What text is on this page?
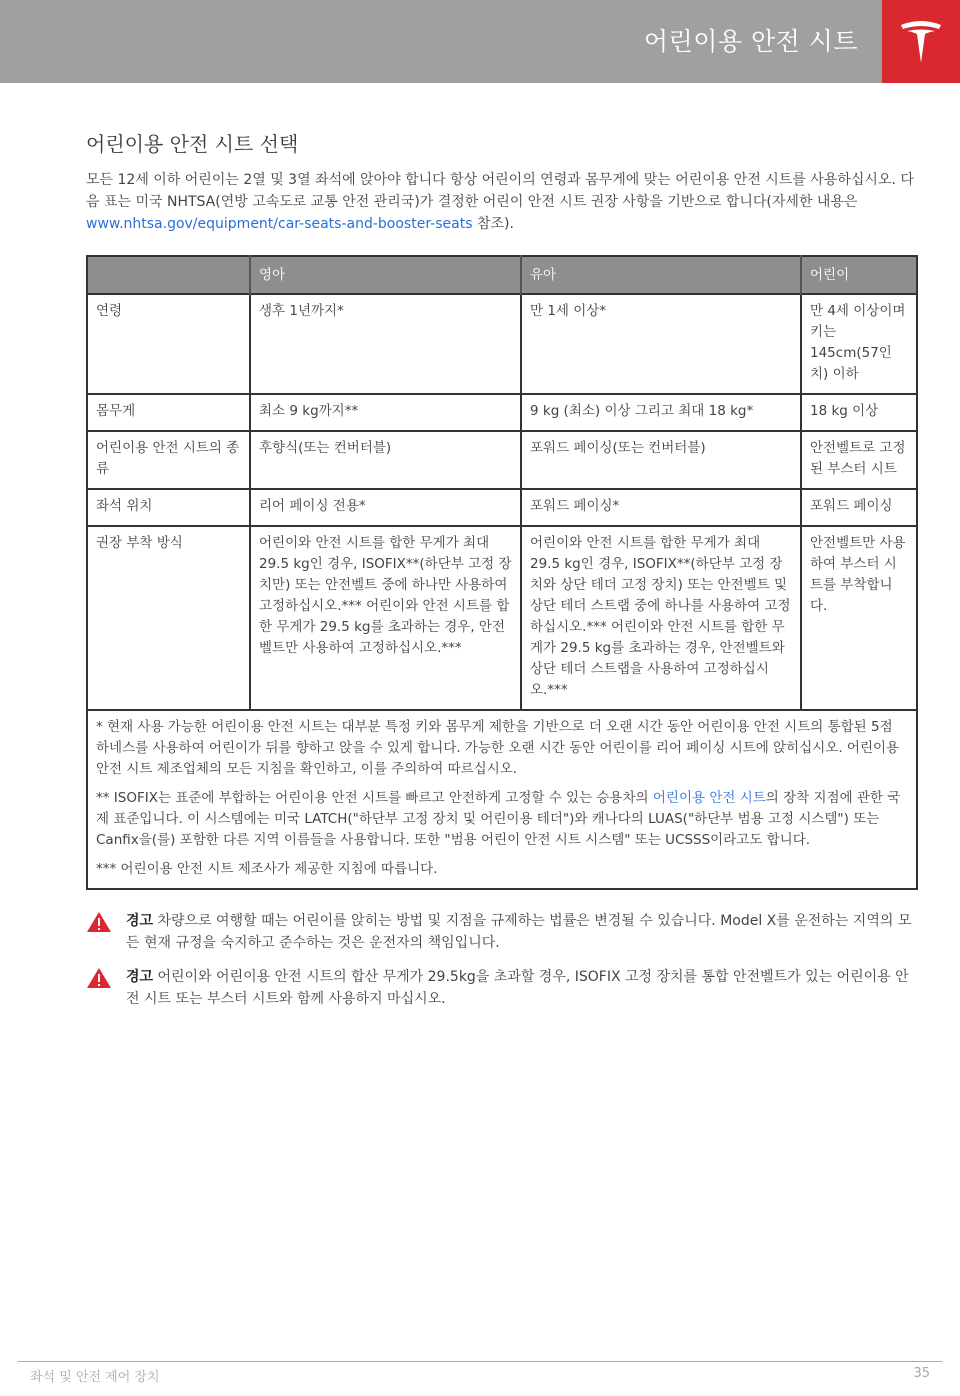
어린이용 안전 시트
어린이용 안전 시트 선택

모든 12세 이하 어린이는 2열 및 3열 좌석에 앉아야 합니다 항상 어린이의 연령과 몸무게에 맞는 어린이용 안전 시트를 사용하십시오. 다음 표는 미국 NHTSA(연방 고속도로 교통 안전 관리국)가 결정한 어린이 안전 시트 권장 사항을 기반으로 합니다(자세한 내용은 www.nhtsa.gov/equipment/car-seats-and-booster-seats 참조).

	영아	유아	어린이
연령	생후 1년까지*	만 1세 이상*	만 4세 이상이며 키는 145cm(57인치) 이하
몸무게	최소 9 kg까지**	9 kg (최소) 이상 그리고 최대 18 kg*	18 kg 이상
어린이용 안전 시트의 종류	후향식(또는 컨버터블)	포워드 페이싱(또는 컨버터블)	안전벨트로 고정된 부스터 시트
좌석 위치	리어 페이싱 전용*	포워드 페이싱*	포워드 페이싱
권장 부착 방식	어린이와 안전 시트를 합한 무게가 최대 29.5 kg인 경우, ISOFIX**(하단부 고정 장치만) 또는 안전벨트 중에 하나만 사용하여 고정하십시오.*** 어린이와 안전 시트를 합한 무게가 29.5 kg를 초과하는 경우, 안전벨트만 사용하여 고정하십시오.***	어린이와 안전 시트를 합한 무게가 최대 29.5 kg인 경우, ISOFIX**(하단부 고정 장치와 상단 테더 고정 장치) 또는 안전벨트 및 상단 테더 스트랩 중에 하나를 사용하여 고정하십시오.*** 어린이와 안전 시트를 합한 무게가 29.5 kg를 초과하는 경우, 안전벨트와 상단 테더 스트랩을 사용하여 고정하십시오.***	안전벨트만 사용하여 부스터 시트를 부착합니다.

* 현재 사용 가능한 어린이용 안전 시트는 대부분 특정 키와 몸무게 제한을 기반으로 더 오랜 시간 동안 어린이용 안전 시트의 통합된 5점 하네스를 사용하여 어린이가 뒤를 향하고 앉을 수 있게 합니다. 가능한 오랜 시간 동안 어린이를 리어 페이싱 시트에 앉히십시오. 어린이용 안전 시트 제조업체의 모든 지침을 확인하고, 이를 주의하여 따르십시오.

** ISOFIX는 표준에 부합하는 어린이용 안전 시트를 빠르고 안전하게 고정할 수 있는 승용차의 어린이용 안전 시트의 장착 지점에 관한 국제 표준입니다. 이 시스템에는 미국 LATCH("하단부 고정 장치 및 어린이용 테더")와 캐나다의 LUAS("하단부 범용 고정 시스템") 또는 Canfix을(를) 포함한 다른 지역 이름들을 사용합니다. 또한 "범용 어린이 안전 시트 시스템" 또는 UCSSS이라고도 합니다.

*** 어린이용 안전 시트 제조사가 제공한 지침에 따릅니다.			

경고 차량으로 여행할 때는 어린이를 앉히는 방법 및 지점을 규제하는 법률은 변경될 수 있습니다. Model X를 운전하는 지역의 모든 현재 규정을 숙지하고 준수하는 것은 운전자의 책임입니다.
경고 어린이와 어린이용 안전 시트의 합산 무게가 29.5kg을 초과할 경우, ISOFIX 고정 장치를 통합 안전벨트가 있는 어린이용 안전 시트 또는 부스터 시트와 함께 사용하지 마십시오.
좌석 및 안전 제어 장치	35
